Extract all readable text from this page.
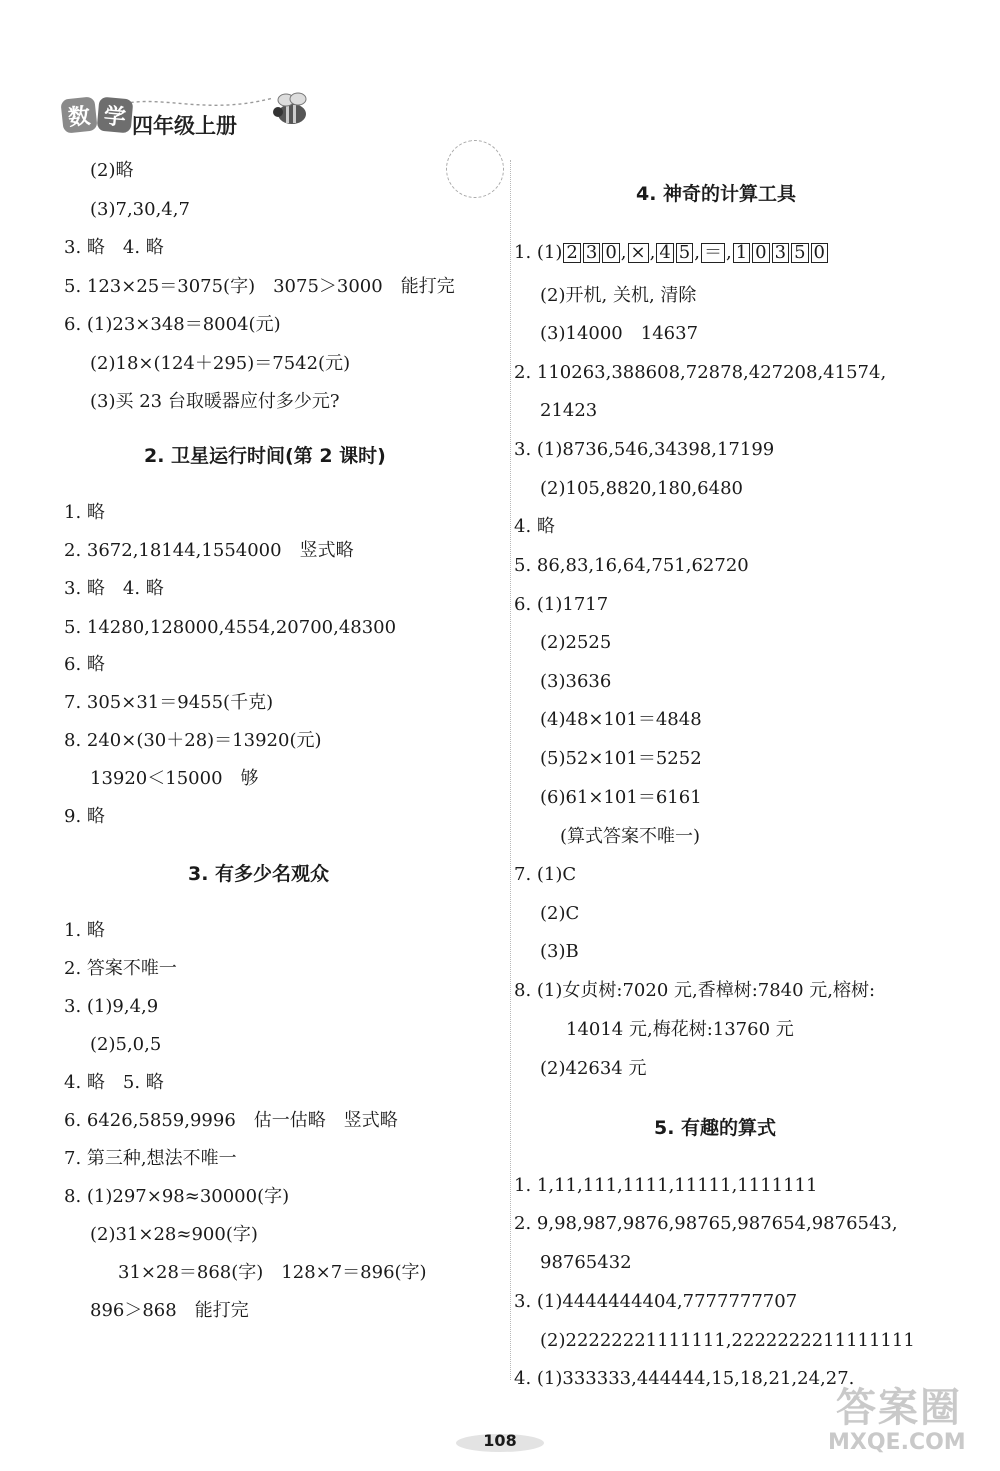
数 学 四年级上册
(2)略
(3)7,30,4,7
3. 略　4. 略
5. 123×25＝3075(字)　3075＞3000　能打完
6. (1)23×348＝8004(元)
(2)18×(124＋295)＝7542(元)
(3)买 23 台取暖器应付多少元?
2. 卫星运行时间(第 2 课时)
1. 略
2. 3672,18144,1554000　竖式略
3. 略　4. 略
5. 14280,128000,4554,20700,48300
6. 略
7. 305×31＝9455(千克)
8. 240×(30＋28)＝13920(元)
13920＜15000　够
9. 略
3. 有多少名观众
1. 略
2. 答案不唯一
3. (1)9,4,9
(2)5,0,5
4. 略　5. 略
6. 6426,5859,9996　估一估略　竖式略
7. 第三种,想法不唯一
8. (1)297×98≈30000(字)
(2)31×28≈900(字)
31×28＝868(字)　128×7＝896(字)
896＞868　能打完
4. 神奇的计算工具
1. (1) 2 3 0 , × , 4 5 , ＝ , 1 0 3 5 0
(2)开机, 关机, 清除
(3)14000　14637
2. 110263,388608,72878,427208,41574,
21423
3. (1)8736,546,34398,17199
(2)105,8820,180,6480
4. 略
5. 86,83,16,64,751,62720
6. (1)1717
(2)2525
(3)3636
(4)48×101＝4848
(5)52×101＝5252
(6)61×101＝6161
(算式答案不唯一)
7. (1)C
(2)C
(3)B
8. (1)女贞树:7020 元,香樟树:7840 元,榕树:
14014 元,梅花树:13760 元
(2)42634 元
5. 有趣的算式
1. 1,11,111,1111,11111,1111111
2. 9,98,987,9876,98765,987654,9876543,
98765432
3. (1)4444444404,7777777707
(2)22222221111111,2222222211111111
4. (1)333333,444444,15,18,21,24,27.
108
答案圈
MXQE.COM
